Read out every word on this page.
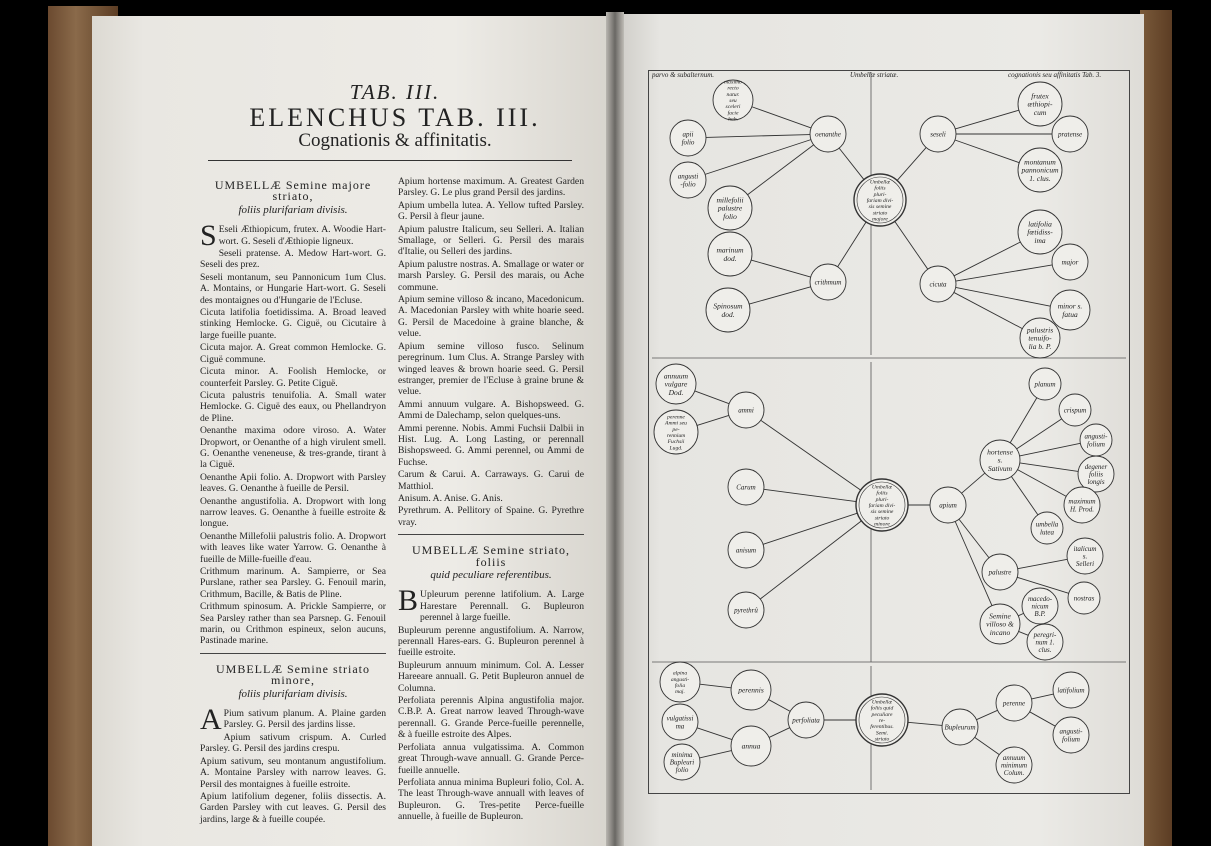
TAB. III.
ELENCHUS TAB. III.
Cognationis & affinitatis.
UMBELLÆ Semine majore striato,
foliis plurifariam divisis.
S Eseli Æthiopicum, frutex. A. Woodie Hart-wort. G. Seseli d'Æthiopie ligneux.

Seseli pratense. A. Medow Hart-wort. G. Seseli des prez.

Seseli montanum, seu Pannonicum 1um Clus. A. Montains, or Hungarie Hart-wort. G. Seseli des montaignes ou d'Hungarie de l'Ecluse.

Cicuta latifolia foetidissima. A. Broad leaved stinking Hemlocke. G. Ciguë, ou Cicutaire à large fueille puante.

Cicuta major. A. Great common Hemlocke. G. Ciguë commune.

Cicuta minor. A. Foolish Hemlocke, or counterfeit Parsley. G. Petite Ciguë.

Cicuta palustris tenuifolia. A. Small water Hemlocke. G. Ciguë des eaux, ou Phellandryon de Pline.

Oenanthe maxima odore viroso. A. Water Dropwort, or Oenanthe of a high virulent smell. G. Oenanthe veneneuse, & tres-grande, tirant à la Ciguë.

Oenanthe Apii folio. A. Dropwort with Parsley leaves. G. Oenanthe à fueille de Persil.

Oenanthe angustifolia. A. Dropwort with long narrow leaves. G. Oenanthe à fueille estroite & longue.

Oenanthe Millefolii palustris folio. A. Dropwort with leaves like water Yarrow. G. Oenanthe à fueille de Mille-fueille d'eau.

Crithmum marinum. A. Sampierre, or Sea Purslane, rather sea Parsley. G. Fenouil marin, Crithmum, Bacille, & Batis de Pline.

Crithmum spinosum. A. Prickle Sampierre, or Sea Parsley rather than sea Parsnep. G. Fenouil marin, ou Crithmon espineux, selon aucuns, Pastinade marine.

UMBELLÆ Semine striato minore,
foliis plurifariam divisis.
A Pium sativum planum. A. Plaine garden Parsley. G. Persil des jardins lisse.

Apium sativum crispum. A. Curled Parsley. G. Persil des jardins crespu.

Apium sativum, seu montanum angustifolium. A. Montaine Parsley with narrow leaves. G. Persil des montaignes à fueille estroite.

Apium latifolium degener, foliis dissectis. A. Garden Parsley with cut leaves. G. Persil des jardins, large & à fueille coupée.

Apium hortense maximum. A. Greatest Garden Parsley. G. Le plus grand Persil des jardins.

Apium umbella lutea. A. Yellow tufted Parsley. G. Persil à fleur jaune.

Apium palustre Italicum, seu Selleri. A. Italian Smallage, or Selleri. G. Persil des marais d'Italie, ou Selleri des jardins.

Apium palustre nostras. A. Smallage or water or marsh Parsley. G. Persil des marais, ou Ache commune.

Apium semine villoso & incano, Macedonicum. A. Macedonian Parsley with white hoarie seed. G. Persil de Macedoine à graine blanche, & velue.

Apium semine villoso fusco. Selinum peregrinum. 1um Clus. A. Strange Parsley with winged leaves & brown hoarie seed. G. Persil estranger, premier de l'Ecluse à graine brune & velue.

Ammi annuum vulgare. A. Bishopsweed. G. Ammi de Dalechamp, selon quelques-uns.

Ammi perenne. Nobis. Ammi Fuchsii Dalbii in Hist. Lug. A. Long Lasting, or perennall Bishopsweed. G. Ammi perennel, ou Ammi de Fuchse.

Carum & Carui. A. Carraways. G. Carui de Matthiol.

Anisum. A. Anise. G. Anis.

Pyrethrum. A. Pellitory of Spaine. G. Pyrethre vray.

UMBELLÆ Semine striato, foliis
quid peculiare referentibus.
B Upleurum perenne latifolium. A. Large Harestare Perennall. G. Bupleuron perennel à large fueille.

Bupleurum perenne angustifolium. A. Narrow, perennall Hares-ears. G. Bupleuron perennel à fueille estroite.

Bupleurum annuum minimum. Col. A. Lesser Hareeare annuall. G. Petit Bupleuron annuel de Columna.

Perfoliata perennis Alpina angustifolia major. C.B.P. A. Great narrow leaved Through-wave perennall. G. Grande Perce-fueille perennelle, & à fueille estroite des Alpes.

Perfoliata annua vulgatissima. A. Common great Through-wave annuall. G. Grande Perce-fueille annuelle.

Perfoliata annua minima Bupleuri folio, Col. A. The least Through-wave annuall with leaves of Bupleuron. G. Tres-petite Perce-fueille annuelle, à fueille de Bupleuron.

parvo & subalternum.	Umbellæ striatæ.	cognationis seu affinitatis Tab. 3.
maximo recto natur. seu sceleri facie hab.
apii folio
angusti -folio
millefolii palustre folio
marinum dod.
Spinosum dod.
oenanthe
crithmum
Umbellæ foliis pluri-fariam divi-sis semine striato majore
seseli
frutex æthiopi-cum
pratense
montanum pannonicum 1. clus.
cicuta
latifolia fœtidiss-ima
major
minor s. fatua
palustris tenuifo-lia b. P.
annuum vulgare Dod.
perenne Ammi seu pe-rennium Fuchsii Lugd.
ammi
Carum
anisum
pyrethrû
Umbellæ foliis pluri-fariam divi-sis semine striato minore
apium
hortense s. Sativum
planum
crispum
angusti-folium
degener foliis longis
maximum H. Prod.
umbella lutea
italicum s. Selleri
palustre
nostras
Semine villoso & incano
macedo-nicum B.P.
peregri-num 1. clus.
alpina angusti-folia maj.	perennis
vulgatissi ma
perfoliata
minima Bupleuri folio
annua
Umbellæ foliis quid peculiare re-ferentibus. Semi. striato
Bupleurum
perenne
latifolium
angusti-folium
annuum minimum Colum.
